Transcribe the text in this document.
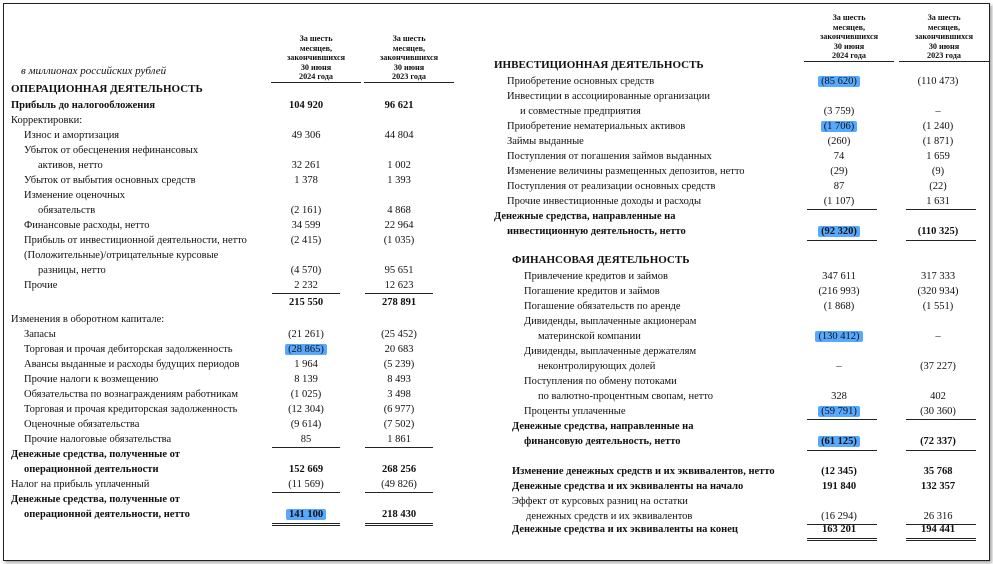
За шесть
месяцев,
закончившихся
30 июня
2024 года
За шесть
месяцев,
закончившихся
30 июня
2023 года
в миллионах российских рублей
ОПЕРАЦИОННАЯ ДЕЯТЕЛЬНОСТЬ
Прибыль до налогообложения	104 920	96 621
Корректировки:
Износ и амортизация	49 306	44 804
Убыток от обесценения нефинансовых
активов, нетто	32 261	1 002
Убыток от выбытия основных средств	1 378	1 393
Изменение оценочных
обязательств	(2 161)	4 868
Финансовые расходы, нетто	34 599	22 964
Прибыль от инвестиционной деятельности, нетто	(2 415)	(1 035)
(Положительные)/отрицательные курсовые
разницы, нетто	(4 570)	95 651
Прочие	2 232	12 623
215 550	278 891
Изменения в оборотном капитале:
Запасы	(21 261)	(25 452)
Торговая и прочая дебиторская задолженность	(28 865)	20 683
Авансы выданные и расходы будущих периодов	1 964	(5 239)
Прочие налоги к возмещению	8 139	8 493
Обязательства по вознаграждениям работникам	(1 025)	3 498
Торговая и прочая кредиторская задолженность	(12 304)	(6 977)
Оценочные обязательства	(9 614)	(7 502)
Прочие налоговые обязательства	85	1 861
Денежные средства, полученные от
операционной деятельности	152 669	268 256
Налог на прибыль уплаченный	(11 569)	(49 826)
Денежные средства, полученные от
операционной деятельности, нетто	141 100	218 430
За шесть
месяцев,
закончившихся
30 июня
2024 года
За шесть
месяцев,
закончившихся
30 июня
2023 года
ИНВЕСТИЦИОННАЯ ДЕЯТЕЛЬНОСТЬ
Приобретение основных средств	(85 620)	(110 473)
Инвестиции в ассоциированные организации
и совместные предприятия	(3 759)	–
Приобретение нематериальных активов	(1 706)	(1 240)
Займы выданные	(260)	(1 871)
Поступления от погашения займов выданных	74	1 659
Изменение величины размещенных депозитов, нетто	(29)	(9)
Поступления от реализации основных средств	87	(22)
Прочие инвестиционные доходы и расходы	(1 107)	1 631
Денежные средства, направленные на
инвестиционную деятельность, нетто	(92 320)	(110 325)
ФИНАНСОВАЯ ДЕЯТЕЛЬНОСТЬ
Привлечение кредитов и займов	347 611	317 333
Погашение кредитов и займов	(216 993)	(320 934)
Погашение обязательств по аренде	(1 868)	(1 551)
Дивиденды, выплаченные акционерам
материнской компании	(130 412)	–
Дивиденды, выплаченные держателям
неконтролирующих долей	–	(37 227)
Поступления по обмену потоками
по валютно-процентным свопам, нетто	328	402
Проценты уплаченные	(59 791)	(30 360)
Денежные средства, направленные на
финансовую деятельность, нетто	(61 125)	(72 337)
Изменение денежных средств и их эквивалентов, нетто	(12 345)	35 768
Денежные средства и их эквиваленты на начало	191 840	132 357
Эффект от курсовых разниц на остатки
денежных средств и их эквивалентов	(16 294)	26 316
Денежные средства и их эквиваленты на конец	163 201	194 441
